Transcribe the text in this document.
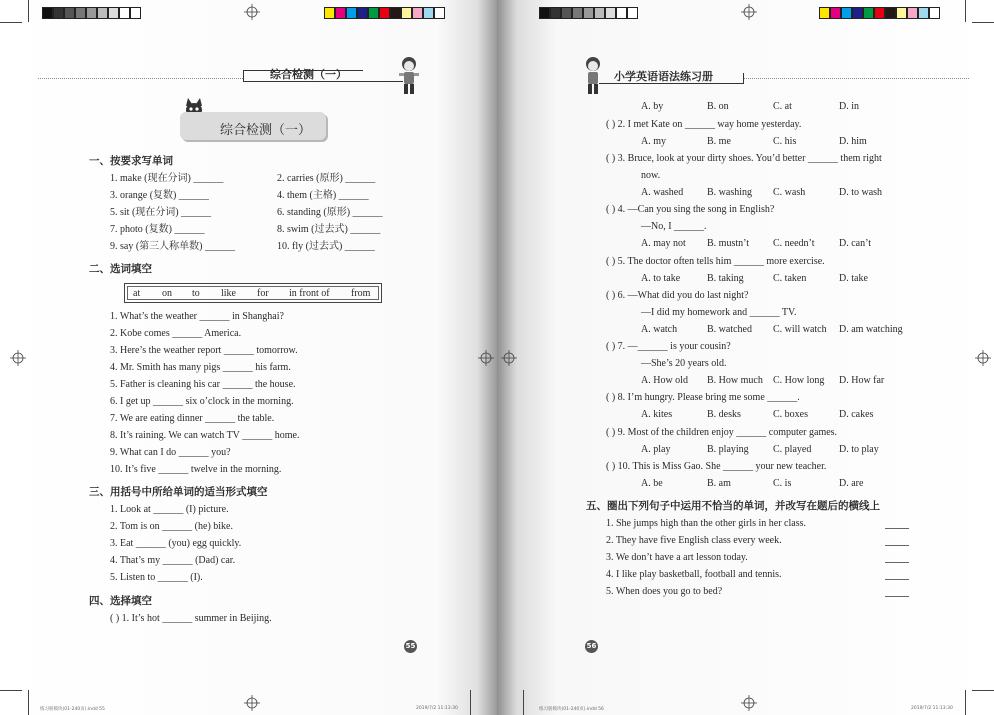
综合检测（一）
综合检测（一）
一、按要求写单词
1. make (现在分词) ______	2. carries (原形) ______
3. orange (复数) ______	4. them (主格) ______
5. sit (现在分词) ______	6. standing (原形) ______
7. photo (复数) ______	8. swim (过去式) ______
9. say (第三人称单数) ______	10. fly (过去式) ______
二、选词填空
at on to like for in front of from
1. What’s the weather ______ in Shanghai?
2. Kobe comes ______ America.
3. Here’s the weather report ______ tomorrow.
4. Mr. Smith has many pigs ______ his farm.
5. Father is cleaning his car ______ the house.
6. I get up ______ six o’clock in the morning.
7. We are eating dinner ______ the table.
8. It’s raining. We can watch TV ______ home.
9. What can I do ______ you?
10. It’s five ______ twelve in the morning.
三、用括号中所给单词的适当形式填空
1. Look at ______ (I) picture.
2. Tom is on ______ (he) bike.
3. Eat ______ (you) egg quickly.
4. That’s my ______ (Dad) car.
5. Listen to ______ (I).
四、选择填空
( ) 1. It’s hot ______ summer in Beijing.
55
练习册模块(01-240页).indd 55	2019/7/2 11:13:30
小学英语语法练习册
A. by	B. on	C. at	D. in
( ) 2. I met Kate on ______ way home yesterday.
A. my	B. me	C. his	D. him
( ) 3. Bruce, look at your dirty shoes. You’d better ______ them right
now.
A. washed B. washing C. wash	D. to wash
( ) 4. —Can you sing the song in English?
—No, I ______.
A. may not B. mustn’t C. needn’t D. can’t
( ) 5. The doctor often tells him ______ more exercise.
A. to take	B. taking	C. taken	D. take
( ) 6. —What did you do last night?
—I did my homework and ______ TV.
A. watch	B. watched C. will watch D. am watching
( ) 7. —______ is your cousin?
—She’s 20 years old.
A. How old B. How much C. How long D. How far
( ) 8. I’m hungry. Please bring me some ______.
A. kites	B. desks	C. boxes	D. cakes
( ) 9. Most of the children enjoy ______ computer games.
A. play	B. playing C. played	D. to play
( ) 10. This is Miss Gao. She ______ your new teacher.
A. be	B. am	C. is	D. are
五、圈出下列句子中运用不恰当的单词，并改写在题后的横线上
1. She jumps high than the other girls in her class.
2. They have five English class every week.
3. We don’t have a art lesson today.
4. I like play basketball, football and tennis.
5. When does you go to bed?
56
练习册模块(01-240页).indd 56	2019/7/2 11:13:30
